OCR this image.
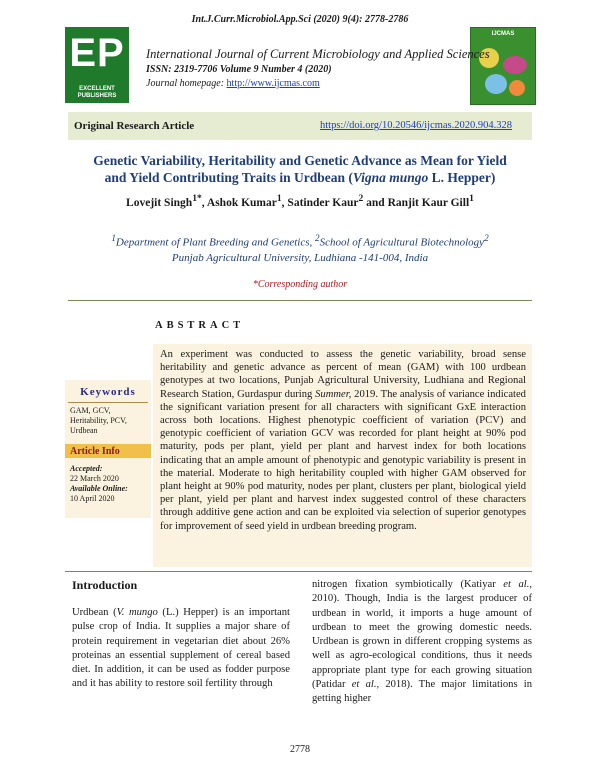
Int.J.Curr.Microbiol.App.Sci (2020) 9(4): 2778-2786
EP
EXCELLENT PUBLISHERS
IJCMAS
International Journal of Current Microbiology and Applied Sciences
ISSN: 2319-7706 Volume 9 Number 4 (2020)
Journal homepage: http://www.ijcmas.com
Original Research Article	https://doi.org/10.20546/ijcmas.2020.904.328
Genetic Variability, Heritability and Genetic Advance as Mean for Yield
and Yield Contributing Traits in Urdbean (Vigna mungo L. Hepper)
Lovejit Singh$^{1*}$, Ashok Kumar$^1$, Satinder Kaur$^2$ and Ranjit Kaur Gill$^1$
$^1$Department of Plant Breeding and Genetics, $^2$School of Agricultural Biotechnology$^2$
Punjab Agricultural University, Ludhiana -141-004, India
*Corresponding author
ABSTRACT
Keywords
GAM, GCV, Heritability, PCV, Urdbean
Article Info
Accepted:
22 March 2020
Available Online:
10 April 2020
An experiment was conducted to assess the genetic variability, broad sense heritability and genetic advance as percent of mean (GAM) with 100 urdbean genotypes at two locations, Punjab Agricultural University, Ludhiana and Regional Research Station, Gurdaspur during Summer, 2019. The analysis of variance indicated the significant variation present for all characters with significant GxE interaction across both locations. Highest phenotypic coefficient of variation (PCV) and genotypic coefficient of variation GCV was recorded for plant height at 90% pod maturity, pods per plant, yield per plant and harvest index for both locations indicating that an ample amount of phenotypic and genotypic variability is present in the material. Moderate to high heritability coupled with higher GAM observed for plant height at 90% pod maturity, nodes per plant, clusters per plant, biological yield per plant, yield per plant and harvest index suggested control of these characters through additive gene action and can be exploited via selection of superior genotypes for improvement of seed yield in urdbean breeding program.
Introduction
Urdbean (V. mungo (L.) Hepper) is an important pulse crop of India. It supplies a major share of protein requirement in vegetarian diet about 26% proteinas an essential supplement of cereal based diet. In addition, it can be used as fodder purpose and it has ability to restore soil fertility through
nitrogen fixation symbiotically (Katiyar et al., 2010). Though, India is the largest producer of urdbean in world, it imports a huge amount of urdbean to meet the growing domestic needs. Urdbean is grown in different cropping systems as well as agro-ecological conditions, thus it needs appropriate plant type for each growing situation (Patidar et al., 2018). The major limitations in getting higher
2778
